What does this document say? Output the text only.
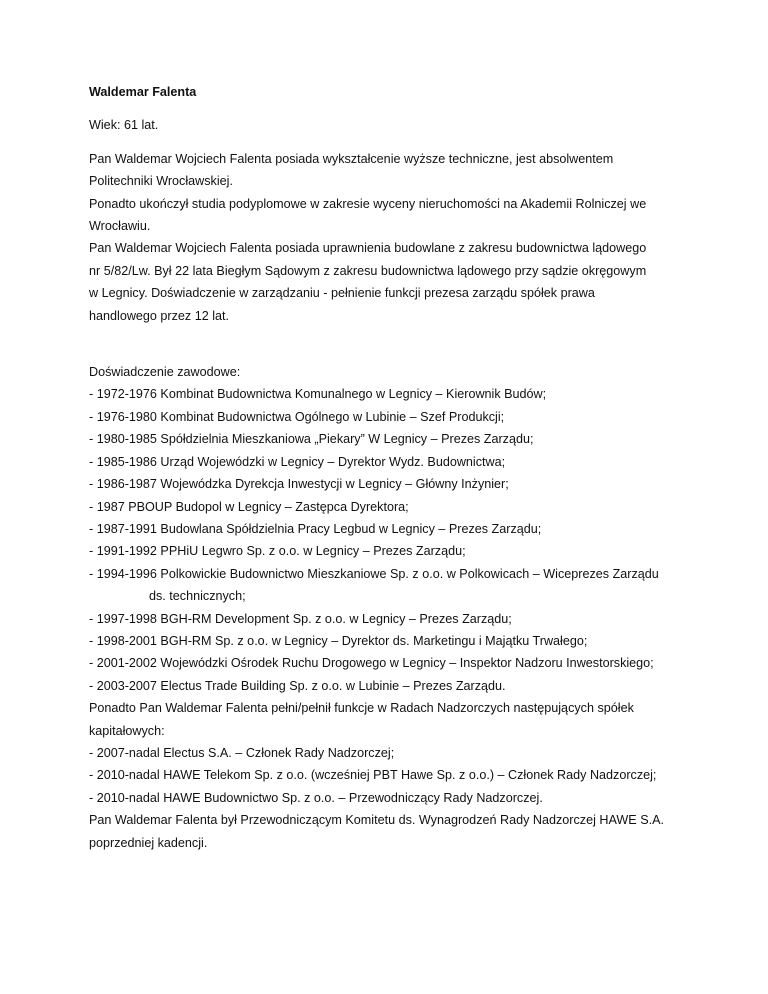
Waldemar Falenta

Wiek: 61 lat.

Pan Waldemar Wojciech Falenta posiada wykształcenie wyższe techniczne, jest absolwentem

Politechniki Wrocławskiej.

Ponadto ukończył studia podyplomowe w zakresie wyceny nieruchomości na Akademii Rolniczej we

Wrocławiu.

Pan Waldemar Wojciech Falenta posiada uprawnienia budowlane z zakresu budownictwa lądowego

nr 5/82/Lw. Był 22 lata Biegłym Sądowym z zakresu budownictwa lądowego przy sądzie okręgowym

w Legnicy. Doświadczenie w zarządzaniu - pełnienie funkcji prezesa zarządu spółek prawa

handlowego przez 12 lat.

Doświadczenie zawodowe:

- 1972-1976 Kombinat Budownictwa Komunalnego w Legnicy – Kierownik Budów;

- 1976-1980 Kombinat Budownictwa Ogólnego w Lubinie – Szef Produkcji;

- 1980-1985 Spółdzielnia Mieszkaniowa „Piekary” W Legnicy – Prezes Zarządu;

- 1985-1986 Urząd Wojewódzki w Legnicy – Dyrektor Wydz. Budownictwa;

- 1986-1987 Wojewódzka Dyrekcja Inwestycji w Legnicy – Główny Inżynier;

- 1987 PBOUP Budopol w Legnicy – Zastępca Dyrektora;

- 1987-1991 Budowlana Spółdzielnia Pracy Legbud w Legnicy – Prezes Zarządu;

- 1991-1992 PPHiU Legwro Sp. z o.o. w Legnicy – Prezes Zarządu;

- 1994-1996 Polkowickie Budownictwo Mieszkaniowe Sp. z o.o. w Polkowicach – Wiceprezes Zarządu

ds. technicznych;

- 1997-1998 BGH-RM Development Sp. z o.o. w Legnicy – Prezes Zarządu;

- 1998-2001 BGH-RM Sp. z o.o. w Legnicy – Dyrektor ds. Marketingu i Majątku Trwałego;

- 2001-2002 Wojewódzki Ośrodek Ruchu Drogowego w Legnicy – Inspektor Nadzoru Inwestorskiego;

- 2003-2007 Electus Trade Building Sp. z o.o. w Lubinie – Prezes Zarządu.

Ponadto Pan Waldemar Falenta pełni/pełnił funkcje w Radach Nadzorczych następujących spółek

kapitałowych:

- 2007-nadal Electus S.A. – Członek Rady Nadzorczej;

- 2010-nadal HAWE Telekom Sp. z o.o. (wcześniej PBT Hawe Sp. z o.o.) – Członek Rady Nadzorczej;

- 2010-nadal HAWE Budownictwo Sp. z o.o. – Przewodniczący Rady Nadzorczej.

Pan Waldemar Falenta był Przewodniczącym Komitetu ds. Wynagrodzeń Rady Nadzorczej HAWE S.A.

poprzedniej kadencji.
